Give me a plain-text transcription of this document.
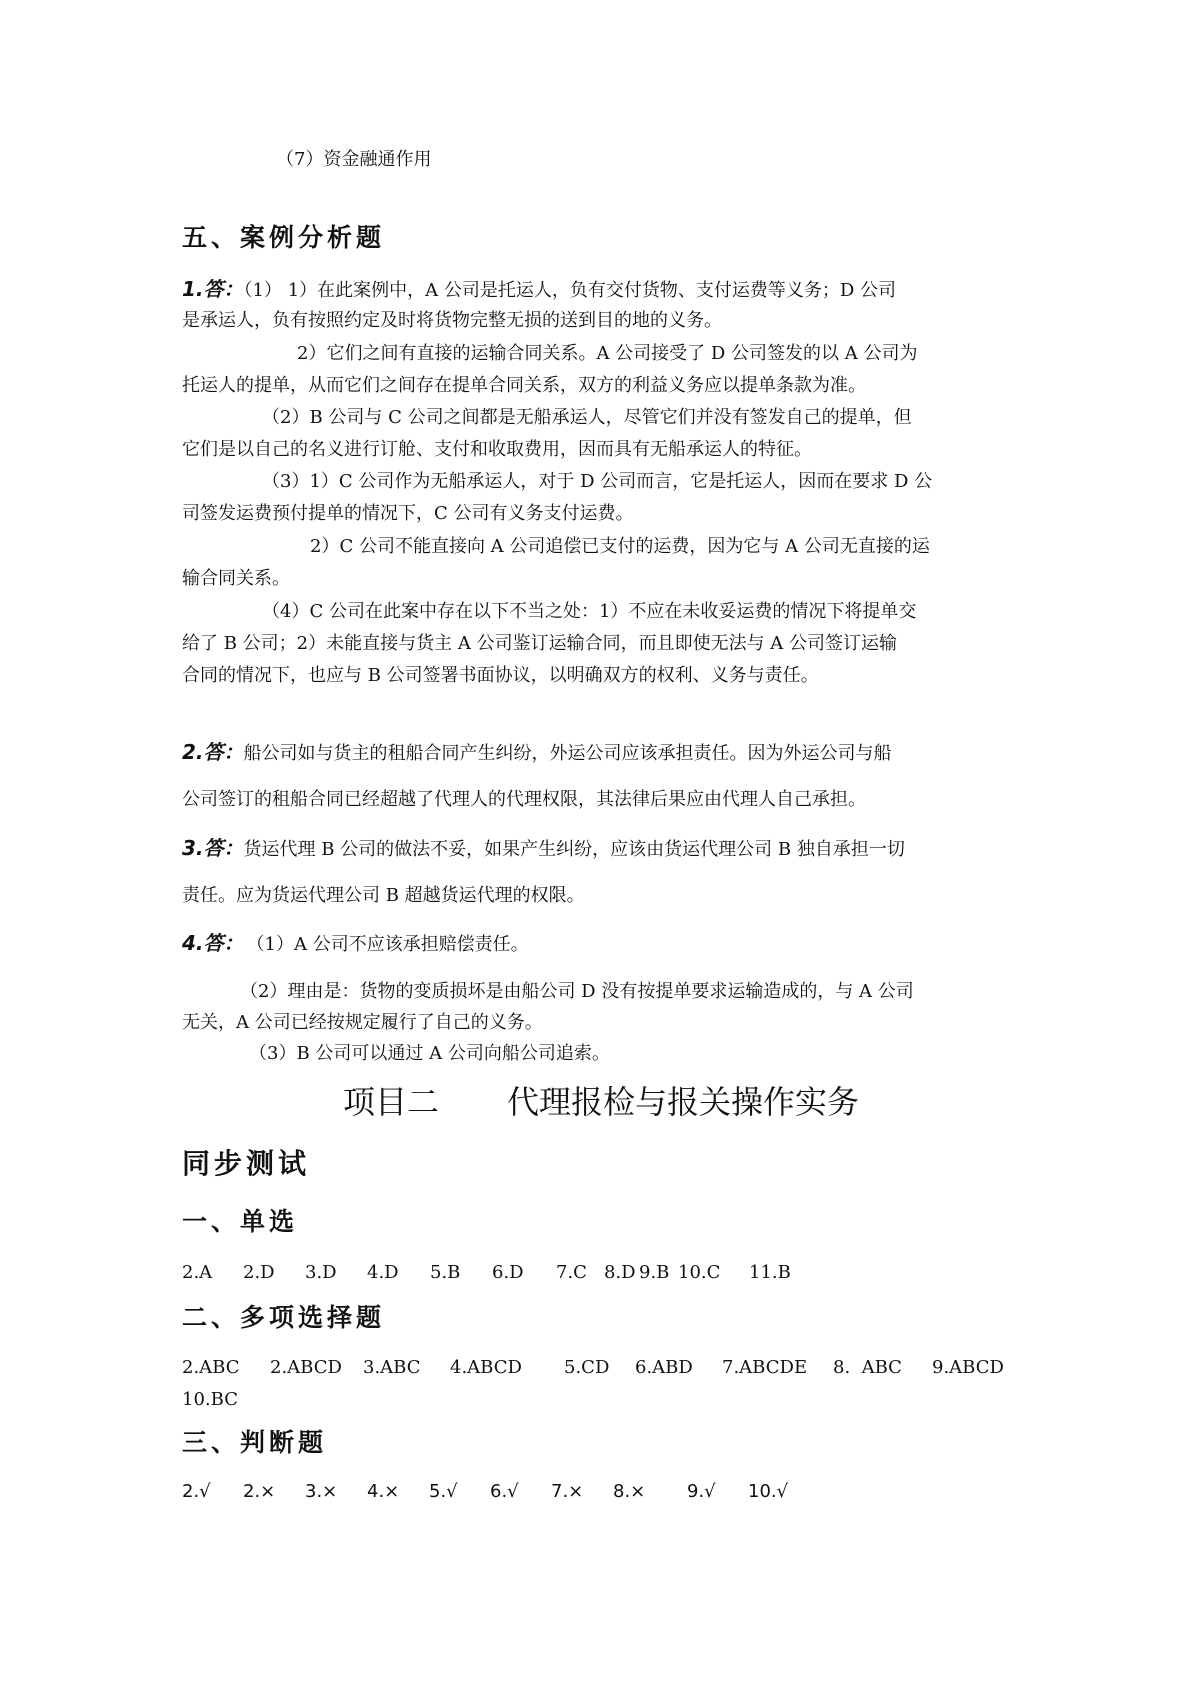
（7）资金融通作用
五、案例分析题
1.答：（1） 1）在此案例中，A 公司是托运人，负有交付货物、支付运费等义务；D 公司
是承运人，负有按照约定及时将货物完整无损的送到目的地的义务。
2）它们之间有直接的运输合同关系。A 公司接受了 D 公司签发的以 A 公司为
托运人的提单，从而它们之间存在提单合同关系，双方的利益义务应以提单条款为准。
（2）B 公司与 C 公司之间都是无船承运人，尽管它们并没有签发自己的提单，但
它们是以自己的名义进行订舱、支付和收取费用，因而具有无船承运人的特征。
（3）1）C 公司作为无船承运人，对于 D 公司而言，它是托运人，因而在要求 D 公
司签发运费预付提单的情况下，C 公司有义务支付运费。
2）C 公司不能直接向 A 公司追偿已支付的运费，因为它与 A 公司无直接的运
输合同关系。
（4）C 公司在此案中存在以下不当之处：1）不应在未收妥运费的情况下将提单交
给了 B 公司；2）未能直接与货主 A 公司鉴订运输合同，而且即使无法与 A 公司签订运输
合同的情况下，也应与 B 公司签署书面协议，以明确双方的权利、义务与责任。
2.答：船公司如与货主的租船合同产生纠纷，外运公司应该承担责任。因为外运公司与船
公司签订的租船合同已经超越了代理人的代理权限，其法律后果应由代理人自己承担。
3.答：货运代理 B 公司的做法不妥，如果产生纠纷，应该由货运代理公司 B 独自承担一切
责任。应为货运代理公司 B 超越货运代理的权限。
4.答： （1）A 公司不应该承担赔偿责任。
（2）理由是：货物的变质损坏是由船公司 D 没有按提单要求运输造成的，与 A 公司
无关，A 公司已经按规定履行了自己的义务。
（3）B 公司可以通过 A 公司向船公司追索。
项目二 代理报检与报关操作实务
同步测试
一、单选
2.A	2.D	3.D	4.D	5.B	6.D	7.C 8.D 9.B 10.C	11.B
二、多项选择题
2.ABC	2.ABCD	3.ABC	4.ABCD	5.CD	6.ABD	7.ABCDE	8.  ABC	9.ABCD
10.BC
三、判断题
2.√	2.×	3.×	4.×	5.√	6.√	7.×	8.×	9.√	10.√
